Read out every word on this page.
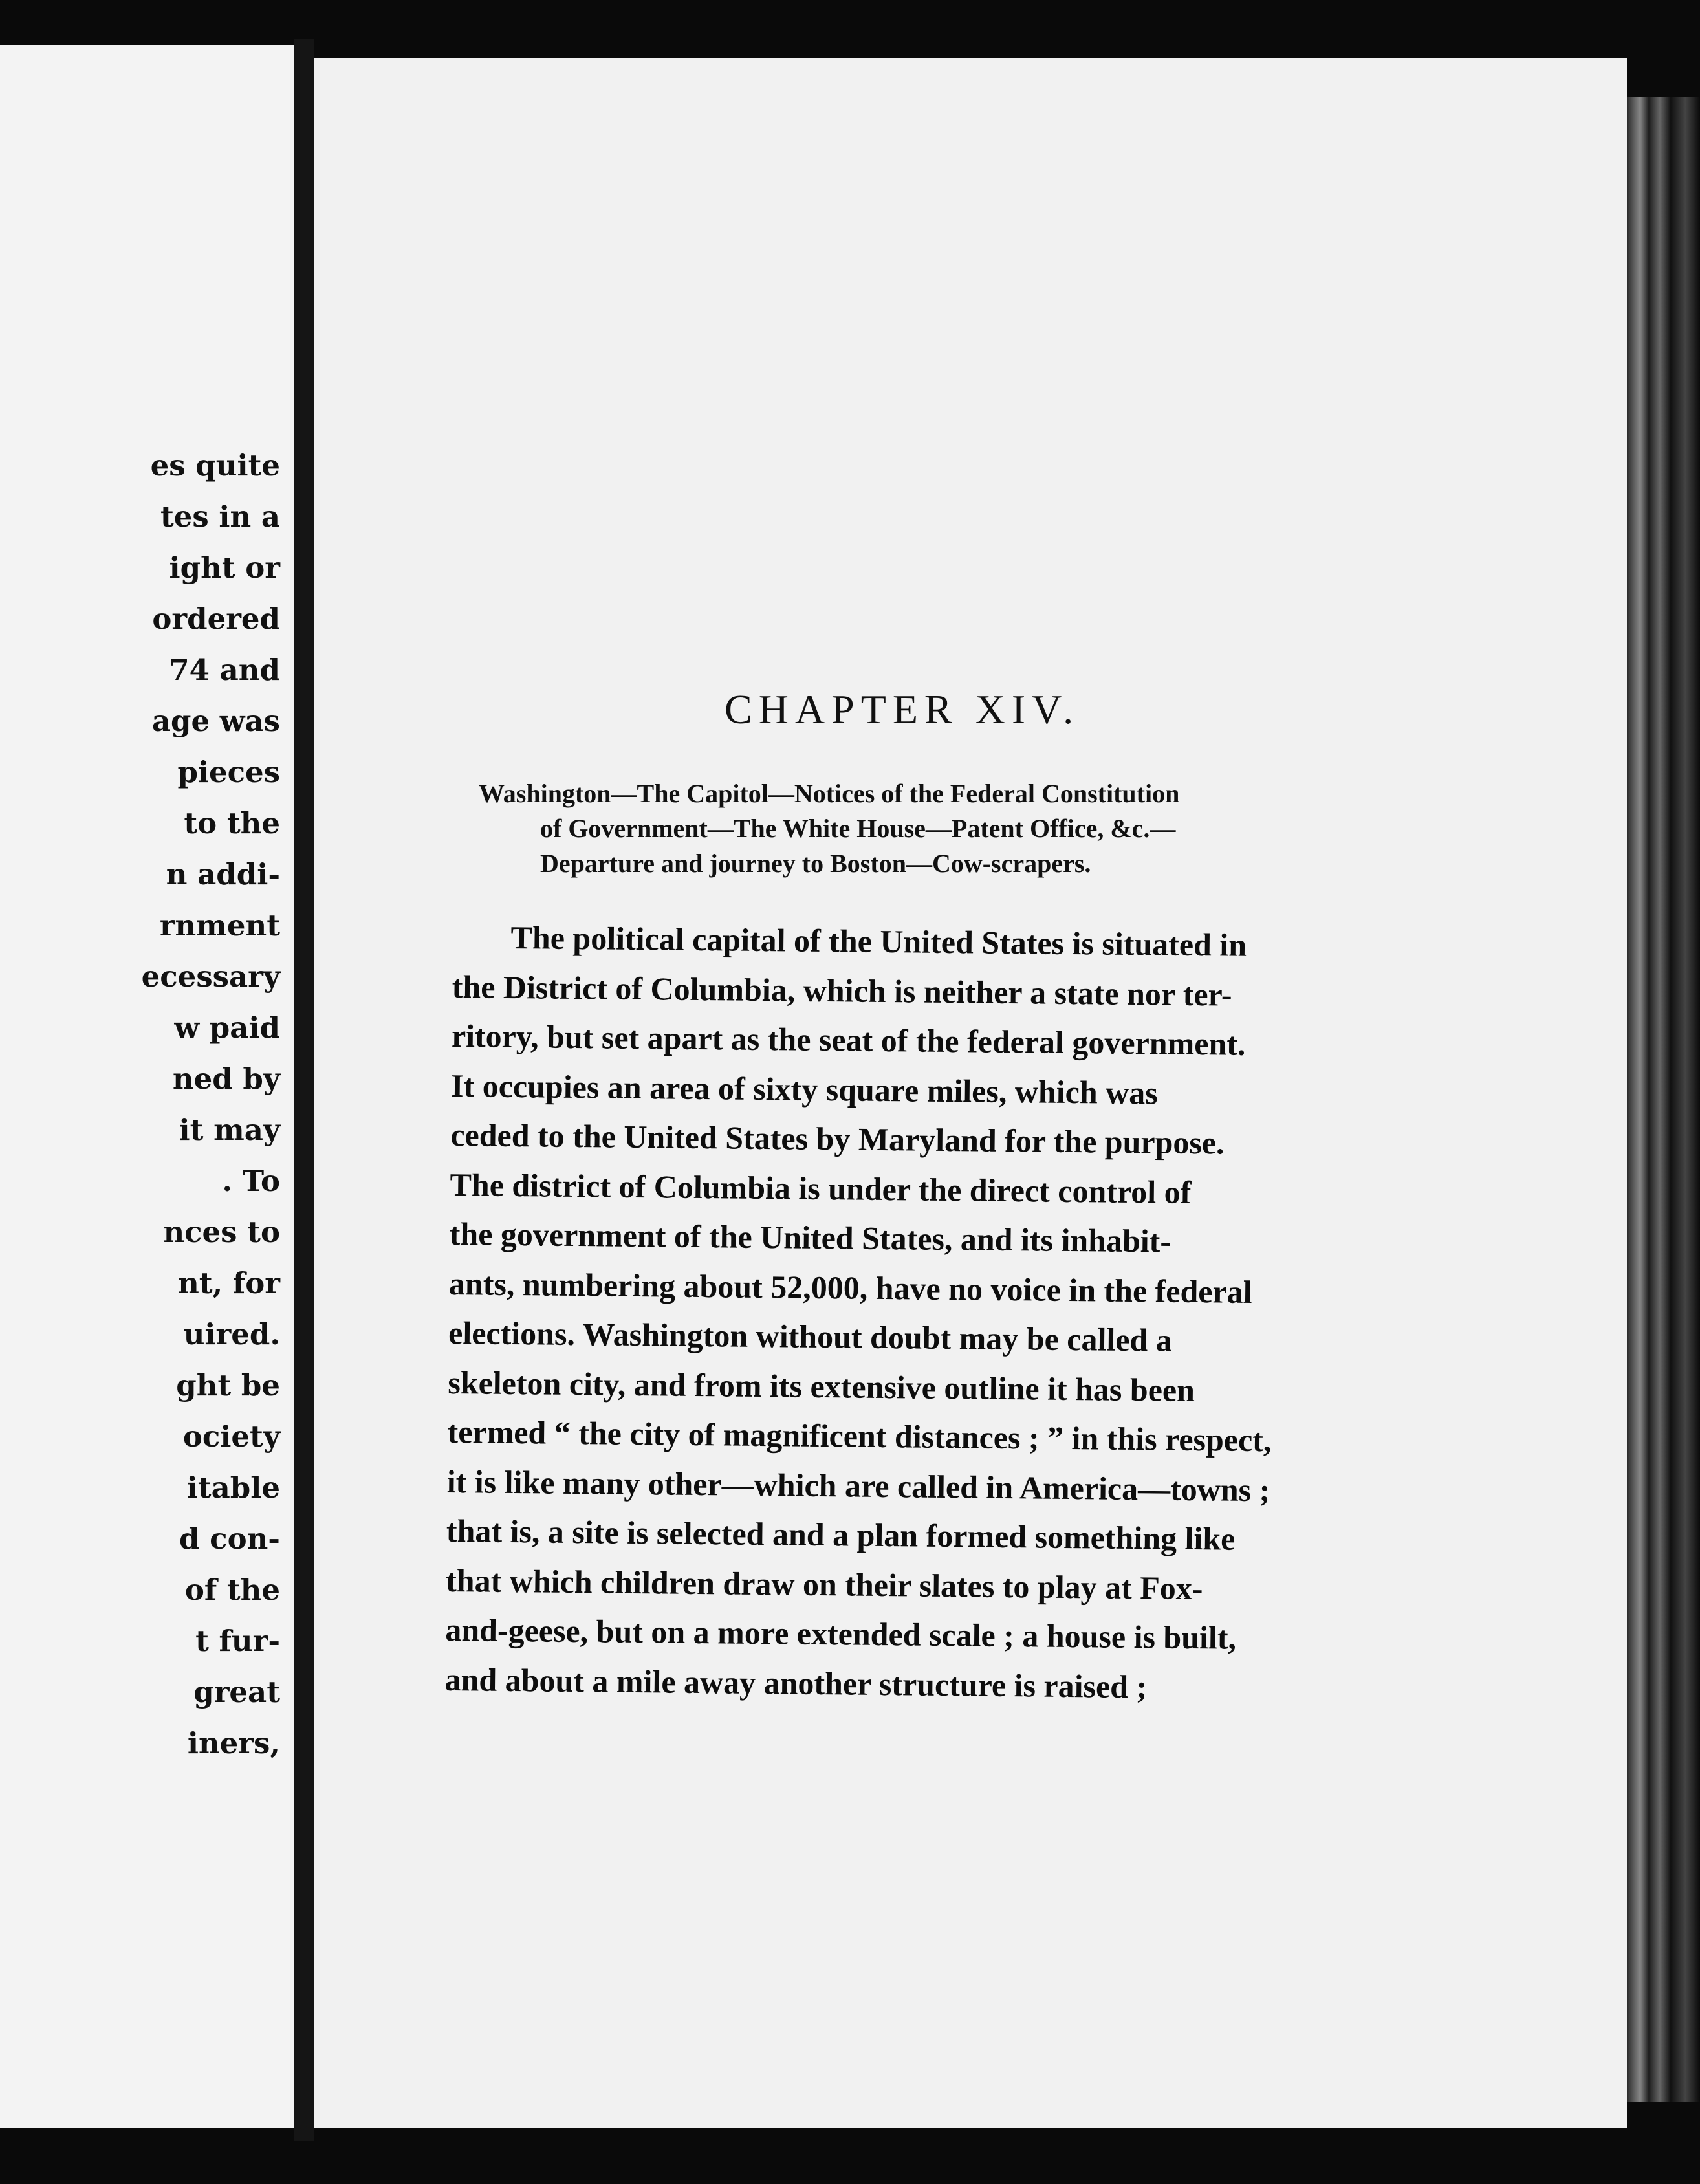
es quite
tes in a
ight or
ordered
74 and
age was
pieces
to the
n addi-
rnment
ecessary
w paid
ned by
it may
. To
nces to
nt, for
uired.
ght be
ociety
itable
d con-
of the
t fur-
great
iners,
CHAPTER XIV.
Washington—The Capitol—Notices of the Federal Constitution
of Government—The White House—Patent Office, &c.—
Departure and journey to Boston—Cow-scrapers.
The political capital of the United States is situated in
the District of Columbia, which is neither a state nor ter-
ritory, but set apart as the seat of the federal government.
It occupies an area of sixty square miles, which was
ceded to the United States by Maryland for the purpose.
The district of Columbia is under the direct control of
the government of the United States, and its inhabit-
ants, numbering about 52,000, have no voice in the federal
elections. Washington without doubt may be called a
skeleton city, and from its extensive outline it has been
termed “ the city of magnificent distances ; ” in this respect,
it is like many other—which are called in America—towns ;
that is, a site is selected and a plan formed something like
that which children draw on their slates to play at Fox-
and-geese, but on a more extended scale ; a house is built,
and about a mile away another structure is raised ;
